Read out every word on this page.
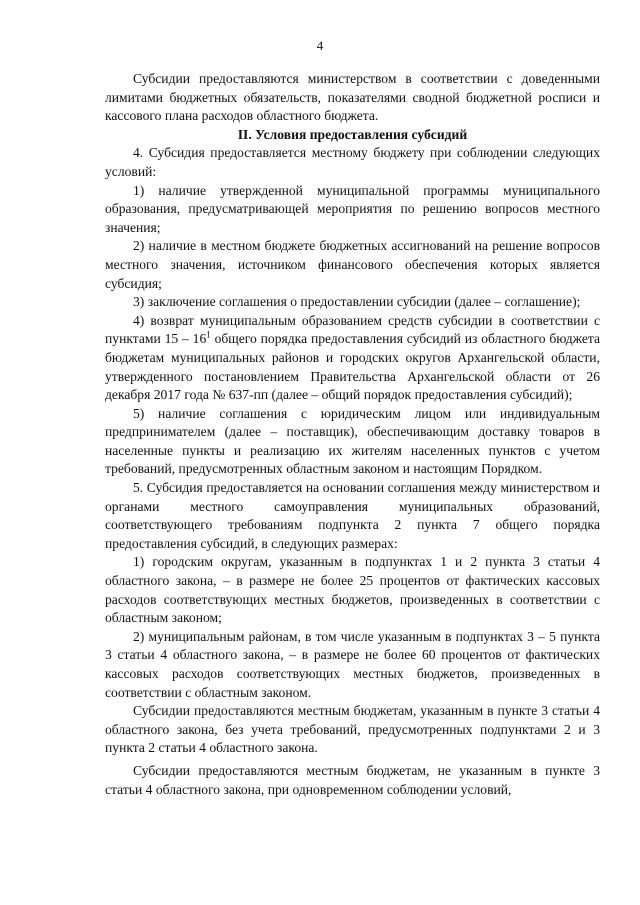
4

Субсидии предоставляются министерством в соответствии с доведенными лимитами бюджетных обязательств, показателями сводной бюджетной росписи и кассового плана расходов областного бюджета.

II. Условия предоставления субсидий

4. Субсидия предоставляется местному бюджету при соблюдении следующих условий:

1) наличие утвержденной муниципальной программы муниципального образования, предусматривающей мероприятия по решению вопросов местного значения;

2) наличие в местном бюджете бюджетных ассигнований на решение вопросов местного значения, источником финансового обеспечения которых является субсидия;

3) заключение соглашения о предоставлении субсидии (далее – соглашение);

4) возврат муниципальным образованием средств субсидии в соответствии с пунктами $15 - 16^1$ общего порядка предоставления субсидий из областного бюджета бюджетам муниципальных районов и городских округов Архангельской области, утвержденного постановлением Правительства Архангельской области от 26 декабря 2017 года № 637-пп (далее – общий порядок предоставления субсидий);

5) наличие соглашения с юридическим лицом или индивидуальным предпринимателем (далее – поставщик), обеспечивающим доставку товаров в населенные пункты и реализацию их жителям населенных пунктов с учетом требований, предусмотренных областным законом и настоящим Порядком.

5. Субсидия предоставляется на основании соглашения между министерством и органами местного самоуправления муниципальных образований, соответствующего требованиям подпункта 2 пункта 7 общего порядка предоставления субсидий, в следующих размерах:

1) городским округам, указанным в подпунктах 1 и 2 пункта 3 статьи 4 областного закона, – в размере не более 25 процентов от фактических кассовых расходов соответствующих местных бюджетов, произведенных в соответствии с областным законом;

2) муниципальным районам, в том числе указанным в подпунктах 3 – 5 пункта 3 статьи 4 областного закона, – в размере не более 60 процентов от фактических кассовых расходов соответствующих местных бюджетов, произведенных в соответствии с областным законом.

Субсидии предоставляются местным бюджетам, указанным в пункте 3 статьи 4 областного закона, без учета требований, предусмотренных подпунктами 2 и 3 пункта 2 статьи 4 областного закона.

Субсидии предоставляются местным бюджетам, не указанным в пункте 3 статьи 4 областного закона, при одновременном соблюдении условий,
